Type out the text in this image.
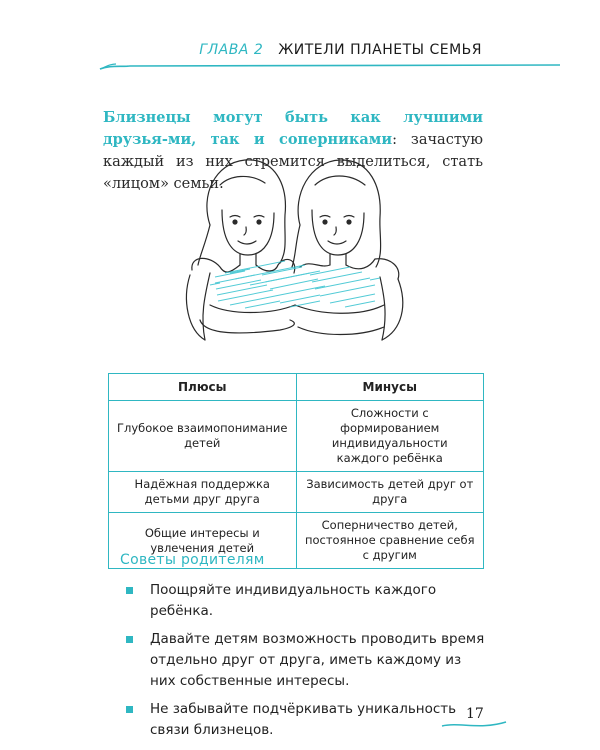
ГЛАВА 2 ЖИТЕЛИ ПЛАНЕТЫ СЕМЬЯ

Близнецы могут быть как лучшими друзья-ми, так и соперниками: зачастую каждый из них стремится выделиться, стать «лицом» семьи.

Плюсы	Минусы
Глубокое взаимопонимание детей	Сложности с формированием индивидуальности каждого ребёнка
Надёжная поддержка детьми друг друга	Зависимость детей друг от друга
Общие интересы и увлечения детей	Соперничество детей, постоянное сравнение себя с другим
Советы родителям
Поощряйте индивидуальность каждого ребёнка.
Давайте детям возможность проводить время отдельно друг от друга, иметь каждому из них собственные интересы.
Не забывайте подчёркивать уникальность связи близнецов.
17
